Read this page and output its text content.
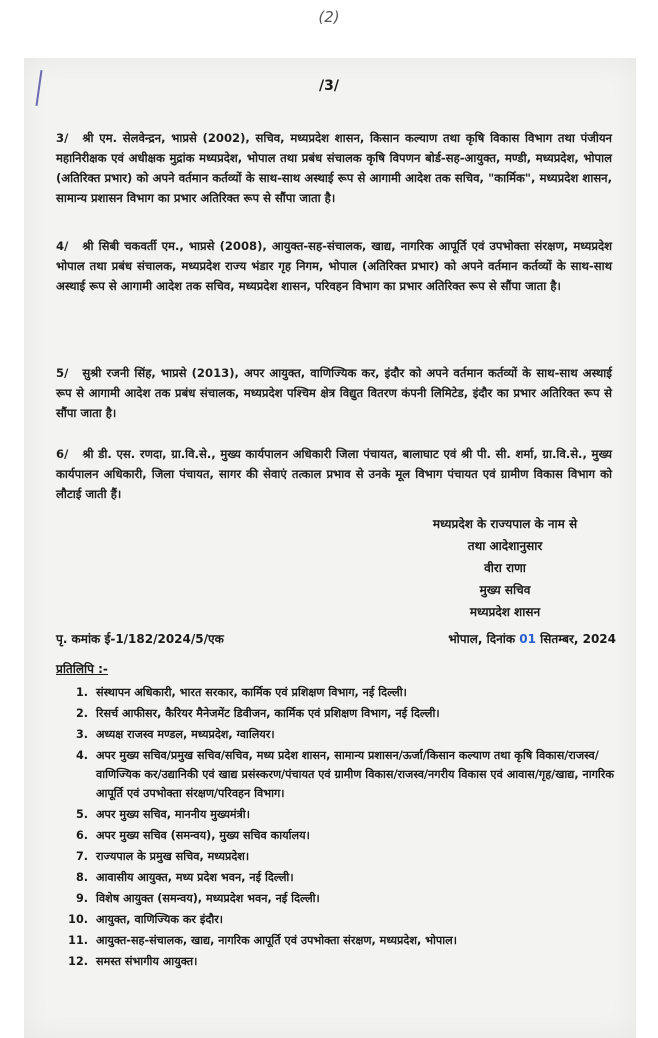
(2)
/3/
3/ श्री एम. सेलवेन्द्रन, भाप्रसे (2002), सचिव, मध्यप्रदेश शासन, किसान कल्याण तथा कृषि विकास विभाग तथा पंजीयन महानिरीक्षक एवं अधीक्षक मुद्रांक मध्यप्रदेश, भोपाल तथा प्रबंध संचालक कृषि विपणन बोर्ड-सह-आयुक्त, मण्डी, मध्यप्रदेश, भोपाल (अतिरिक्त प्रभार) को अपने वर्तमान कर्तव्यों के साथ-साथ अस्थाई रूप से आगामी आदेश तक सचिव, "कार्मिक", मध्यप्रदेश शासन, सामान्य प्रशासन विभाग का प्रभार अतिरिक्त रूप से सौंपा जाता है।
4/ श्री सिबी चकवर्ती एम., भाप्रसे (2008), आयुक्त-सह-संचालक, खाद्य, नागरिक आपूर्ति एवं उपभोक्ता संरक्षण, मध्यप्रदेश भोपाल तथा प्रबंध संचालक, मध्यप्रदेश राज्य भंडार गृह निगम, भोपाल (अतिरिक्त प्रभार) को अपने वर्तमान कर्तव्यों के साथ-साथ अस्थाई रूप से आगामी आदेश तक सचिव, मध्यप्रदेश शासन, परिवहन विभाग का प्रभार अतिरिक्त रूप से सौंपा जाता है।
5/ सुश्री रजनी सिंह, भाप्रसे (2013), अपर आयुक्त, वाणिज्यिक कर, इंदौर को अपने वर्तमान कर्तव्यों के साथ-साथ अस्थाई रूप से आगामी आदेश तक प्रबंध संचालक, मध्यप्रदेश पश्चिम क्षेत्र विद्युत वितरण कंपनी लिमिटेड, इंदौर का प्रभार अतिरिक्त रूप से सौंपा जाता है।
6/ श्री डी. एस. रणदा, ग्रा.वि.से., मुख्य कार्यपालन अधिकारी जिला पंचायत, बालाघाट एवं श्री पी. सी. शर्मा, ग्रा.वि.से., मुख्य कार्यपालन अधिकारी, जिला पंचायत, सागर की सेवाएं तत्काल प्रभाव से उनके मूल विभाग पंचायत एवं ग्रामीण विकास विभाग को लौटाई जाती हैं।
मध्यप्रदेश के राज्यपाल के नाम से
तथा आदेशानुसार
वीरा राणा
मुख्य सचिव
मध्यप्रदेश शासन
पृ. कमांक ई-1/182/2024/5/एक	भोपाल, दिनांक 01 सितम्बर, 2024
प्रतिलिपि :-
1. संस्थापन अधिकारी, भारत सरकार, कार्मिक एवं प्रशिक्षण विभाग, नई दिल्ली।
2. रिसर्च आफीसर, कैरियर मैनेजमेंट डिवीजन, कार्मिक एवं प्रशिक्षण विभाग, नई दिल्ली।
3. अध्यक्ष राजस्व मण्डल, मध्यप्रदेश, ग्वालियर।
4. अपर मुख्य सचिव/प्रमुख सचिव/सचिव, मध्य प्रदेश शासन, सामान्य प्रशासन/ऊर्जा/किसान कल्याण तथा कृषि विकास/राजस्व/वाणिज्यिक कर/उद्यानिकी एवं खाद्य प्रसंस्करण/पंचायत एवं ग्रामीण विकास/राजस्व/नगरीय विकास एवं आवास/गृह/खाद्य, नागरिक आपूर्ति एवं उपभोक्ता संरक्षण/परिवहन विभाग।
5. अपर मुख्य सचिव, माननीय मुख्यमंत्री।
6. अपर मुख्य सचिव (समन्वय), मुख्य सचिव कार्यालय।
7. राज्यपाल के प्रमुख सचिव, मध्यप्रदेश।
8. आवासीय आयुक्त, मध्य प्रदेश भवन, नई दिल्ली।
9. विशेष आयुक्त (समन्वय), मध्यप्रदेश भवन, नई दिल्ली।
10. आयुक्त, वाणिज्यिक कर इंदौर।
11. आयुक्त-सह-संचालक, खाद्य, नागरिक आपूर्ति एवं उपभोक्ता संरक्षण, मध्यप्रदेश, भोपाल।
12. समस्त संभागीय आयुक्त।
